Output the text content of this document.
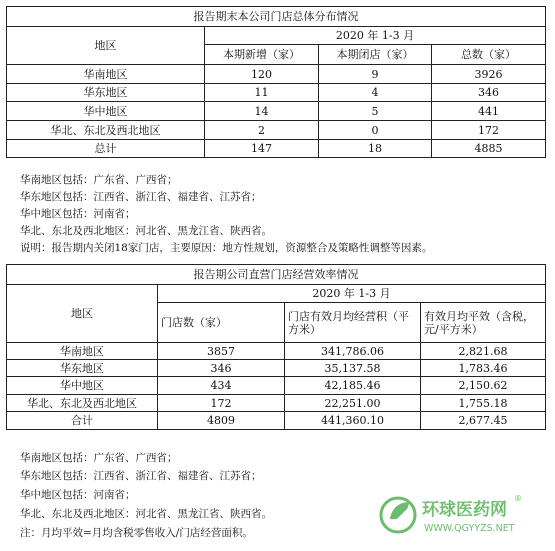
报告期末本公司门店总体分布情况			
地区	2020 年 1-3 月		
	本期新增（家）	本期闭店（家）	总数（家）
华南地区	120	9	3926
华东地区	11	4	346
华中地区	14	5	441
华北、东北及西北地区	2	0	172
总计	147	18	4885
华南地区包括：广东省、广西省；
华东地区包括：江西省、浙江省、福建省、江苏省；
华中地区包括：河南省；
华北、东北及西北地区：河北省、黑龙江省、陕西省。
说明：报告期内关闭18家门店，主要原因：地方性规划，资源整合及策略性调整等因素。
报告期公司直营门店经营效率情况			
地区	2020 年 1-3 月		
	门店数（家）	门店有效月均经营积（平方米）	有效月均平效（含税，元/平方米）
华南地区	3857	341,786.06	2,821.68
华东地区	346	35,137.58	1,783.46
华中地区	434	42,185.46	2,150.62
华北、东北及西北地区	172	22,251.00	1,755.18
合计	4809	441,360.10	2,677.45
华南地区包括：广东省、广西省；
华东地区包括：江西省、浙江省、福建省、江苏省；
华中地区包括：河南省；
华北、东北及西北地区：河北省、黑龙江省、陕西省。
注：月均平效=月均含税零售收入/门店经营面积。
环球医药网
®
WWW.QGYYZS.NET
